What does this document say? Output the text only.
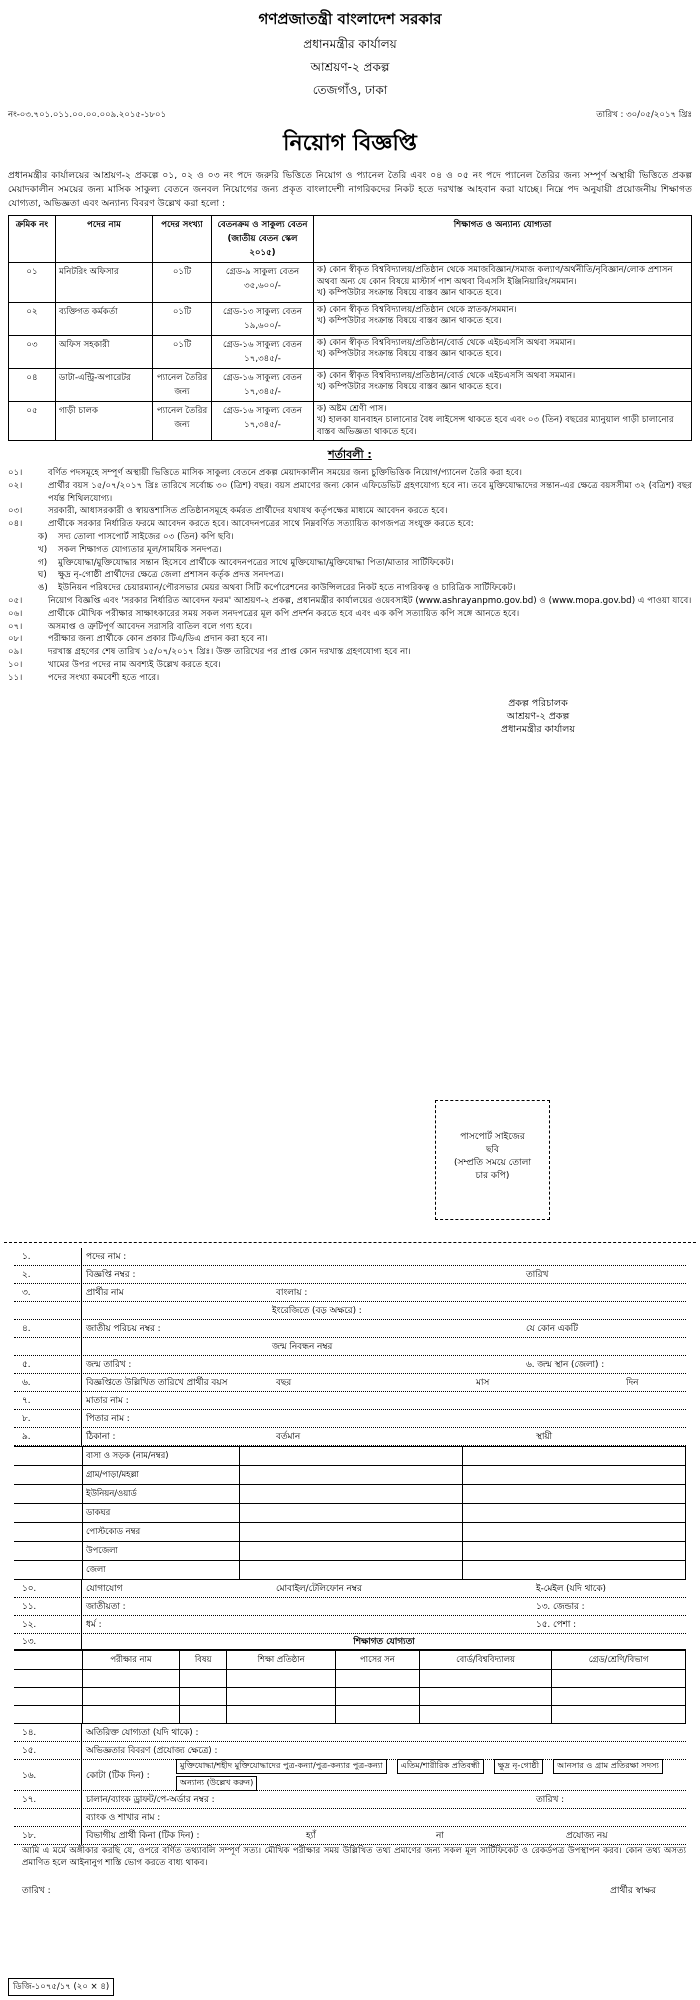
গণপ্রজাতন্ত্রী বাংলাদেশ সরকার
প্রধানমন্ত্রীর কার্যালয়
আশ্রয়ণ-২ প্রকল্প
তেজগাঁও, ঢাকা
নং-০৩.৭০১.০১১.০০.০০.০০৯.২০১৫-১৮০১	তারিখ : ৩০/০৫/২০১৭ খ্রিঃ
নিয়োগ বিজ্ঞপ্তি
প্রধানমন্ত্রীর কার্যালয়ের আশ্রয়ণ-২ প্রকল্পে ০১, ০২ ও ০৩ নং পদে জরুরি ভিত্তিতে নিয়োগ ও প্যানেল তৈরি এবং ০৪ ও ০৫ নং পদে প্যানেল তৈরির জন্য সম্পূর্ণ অস্থায়ী ভিত্তিতে প্রকল্প মেয়াদকালীন সময়ের জন্য মাসিক সাকুল্য বেতনে জনবল নিয়োগের জন্য প্রকৃত বাংলাদেশী নাগরিকদের নিকট হতে দরখাস্ত আহবান করা যাচ্ছে। নিম্নে পদ অনুযায়ী প্রয়োজনীয় শিক্ষাগত যোগ্যতা, অভিজ্ঞতা এবং অন্যান্য বিবরণ উল্লেখ করা হলো :
ক্রমিক নং	পদের নাম	পদের সংখ্যা	বেতনক্রম ও সাকুল্য বেতন (জাতীয় বেতন স্কেল ২০১৫)	শিক্ষাগত ও অন্যান্য যোগ্যতা
০১	মনিটরিং অফিসার	০১টি	গ্রেড-৯ সাকুল্য বেতন ৩৫,৬০০/-	ক) কোন স্বীকৃত বিশ্ববিদ্যালয়/প্রতিষ্ঠান থেকে সমাজবিজ্ঞান/সমাজ কল্যাণ/অর্থনীতি/নৃবিজ্ঞান/লোক প্রশাসন অথবা অন্য যে কোন বিষয়ে মাস্টার্স পাশ অথবা বিএসসি ইঞ্জিনিয়ারিং/সমমান।
খ) কম্পিউটার সংক্রান্ত বিষয়ে বাস্তব জ্ঞান থাকতে হবে।

০২	ব্যক্তিগত কর্মকর্তা	০১টি	গ্রেড-১৩ সাকুল্য বেতন ১৯,৬০০/-	ক) কোন স্বীকৃত বিশ্ববিদ্যালয়/প্রতিষ্ঠান থেকে স্নাতক/সমমান।
খ) কম্পিউটার সংক্রান্ত বিষয়ে বাস্তব জ্ঞান থাকতে হবে।

০৩	অফিস সহকারী	০১টি	গ্রেড-১৬ সাকুল্য বেতন ১৭,৩৪৫/-	ক) কোন স্বীকৃত বিশ্ববিদ্যালয়/প্রতিষ্ঠান/বোর্ড থেকে এইচএসসি অথবা সমমান।
খ) কম্পিউটার সংক্রান্ত বিষয়ে বাস্তব জ্ঞান থাকতে হবে।

০৪	ডাটা-এন্ট্রি-অপারেটর	প্যানেল তৈরির জন্য	গ্রেড-১৬ সাকুল্য বেতন ১৭,৩৪৫/-	ক) কোন স্বীকৃত বিশ্ববিদ্যালয়/প্রতিষ্ঠান/বোর্ড থেকে এইচএসসি অথবা সমমান।
খ) কম্পিউটার সংক্রান্ত বিষয়ে বাস্তব জ্ঞান থাকতে হবে।

০৫	গাড়ী চালক	প্যানেল তৈরির জন্য	গ্রেড-১৬ সাকুল্য বেতন ১৭,৩৪৫/-	ক) অষ্টম শ্রেণী পাস।
খ) হালকা যানবাহন চালানোর বৈধ লাইসেন্স থাকতে হবে এবং ০৩ (তিন) বছরের ম্যানুয়াল গাড়ী চালানোর বাস্তব অভিজ্ঞতা থাকতে হবে।
শর্তাবলী :
০১।	বর্ণিত পদসমূহে সম্পূর্ণ অস্থায়ী ভিত্তিতে মাসিক সাকুল্য বেতনে প্রকল্প মেয়াদকালীন সময়ের জন্য চুক্তিভিত্তিক নিয়োগ/প্যানেল তৈরি করা হবে।
০২।	প্রার্থীর বয়স ১৫/০৭/২০১৭ খ্রিঃ তারিখে সর্বোচ্চ ৩০ (ত্রিশ) বছর। বয়স প্রমাণের জন্য কোন এফিডেভিট গ্রহণযোগ্য হবে না। তবে মুক্তিযোদ্ধাদের সন্তান-এর ক্ষেত্রে বয়সসীমা ৩২ (বত্রিশ) বছর পর্যন্ত শিথিলযোগ্য।
০৩।	সরকারী, আধাসরকারী ও স্বায়ত্তশাসিত প্রতিষ্ঠানসমূহে কর্মরত প্রার্থীদের যথাযথ কর্তৃপক্ষের মাধ্যমে আবেদন করতে হবে।
০৪।	প্রার্থীকে সরকার নির্ধারিত ফরমে আবেদন করতে হবে। আবেদনপত্রের সাথে নিম্নবর্ণিত সত্যায়িত কাগজপত্র সংযুক্ত করতে হবে:
ক)	সদ্য তোলা পাসপোর্ট সাইজের ০৩ (তিন) কপি ছবি।
খ)	সকল শিক্ষাগত যোগ্যতার মূল/সাময়িক সনদপত্র।
গ)	মুক্তিযোদ্ধা/মুক্তিযোদ্ধার সন্তান হিসেবে প্রার্থীকে আবেদনপত্রের সাথে মুক্তিযোদ্ধা/মুক্তিযোদ্ধা পিতা/মাতার সার্টিফিকেট।
ঘ)	ক্ষুদ্র নৃ-গোষ্ঠী প্রার্থীদের ক্ষেত্রে জেলা প্রশাসন কর্তৃক প্রদত্ত সনদপত্র।
ঙ)	ইউনিয়ন পরিষদের চেয়ারম্যান/পৌরসভার মেয়র অথবা সিটি কর্পোরেশনের কাউন্সিলরের নিকট হতে নাগরিকত্ব ও চারিত্রিক সার্টিফিকেট।
০৫।	নিয়োগ বিজ্ঞপ্তি এবং 'সরকার নির্ধারিত আবেদন ফরম' আশ্রয়ণ-২ প্রকল্প, প্রধানমন্ত্রীর কার্যালয়ের ওয়েবসাইট (www.ashrayanpmo.gov.bd) ও (www.mopa.gov.bd) এ পাওয়া যাবে।
০৬।	প্রার্থীকে মৌখিক পরীক্ষার সাক্ষাৎকারের সময় সকল সনদপত্রের মূল কপি প্রদর্শন করতে হবে এবং এক কপি সত্যায়িত কপি সঙ্গে আনতে হবে।
০৭।	অসমাপ্ত ও ত্রুটিপূর্ণ আবেদন সরাসরি বাতিল বলে গণ্য হবে।
০৮।	পরীক্ষার জন্য প্রার্থীকে কোন প্রকার টিএ/ডিএ প্রদান করা হবে না।
০৯।	দরখাস্ত গ্রহণের শেষ তারিখ ১৫/০৭/২০১৭ খ্রিঃ। উক্ত তারিখের পর প্রাপ্ত কোন দরখাস্ত গ্রহণযোগ্য হবে না।
১০।	খামের উপর পদের নাম অবশ্যই উল্লেখ করতে হবে।
১১।	পদের সংখ্যা কমবেশী হতে পারে।
প্রকল্প পরিচালক
আশ্রয়ণ-২ প্রকল্প
প্রধানমন্ত্রীর কার্যালয়
পাসপোর্ট সাইজের
ছবি
(সম্প্রতি সময়ে তোলা
চার কপি)
১.	পদের নাম :
২.	বিজ্ঞপ্তি নম্বর :	তারিখ
৩.	প্রার্থীর নাম	বাংলায় :
ইংরেজিতে (বড় অক্ষরে) :
৪.	জাতীয় পরিচয় নম্বর :	যে কোন একটি
জন্ম নিবন্ধন নম্বর
৫.	জন্ম তারিখ :	৬. জন্ম স্থান (জেলা) :
৬.	বিজ্ঞপ্তিতে উল্লিখিত তারিখে প্রার্থীর বয়স	বছর	মাস	দিন
৭.	মাতার নাম :
৮.	পিতার নাম :
৯.	ঠিকানা :	বর্তমান	স্থায়ী
	বাসা ও সড়ক (নাম/নম্বর)		
	গ্রাম/পাড়া/মহল্লা		
	ইউনিয়ন/ওয়ার্ড		
	ডাকঘর		
	পোস্টকোড নম্বর		
	উপজেলা		
	জেলা		
১০.	যোগাযোগ	মোবাইল/টেলিফোন নম্বর	ই-মেইল (যদি থাকে)
১১.	জাতীয়তা :	১৩. জেন্ডার :
১২.	ধর্ম :	১৫. পেশা :
১৩.	শিক্ষাগত যোগ্যতা
	পরীক্ষার নাম	বিষয়	শিক্ষা প্রতিষ্ঠান	পাসের সন	বোর্ড/বিশ্ববিদ্যালয়	গ্রেড/শ্রেণি/বিভাগ

১৪.	অতিরিক্ত যোগ্যতা (যদি থাকে) :
১৫.	অভিজ্ঞতার বিবরণ (প্রযোজ্য ক্ষেত্রে) :
১৬.	কোটা (টিক দিন) :
মুক্তিযোদ্ধা/শহীদ মুক্তিযোদ্ধাদের পুত্র-কন্যা/পুত্র-কন্যার পুত্র-কন্যা	এতিম/শারীরিক প্রতিবন্ধী	ক্ষুদ্র নৃ-গোষ্ঠী	আনসার ও গ্রাম প্রতিরক্ষা সদস্য
অন্যান্য (উল্লেখ করুন)
১৭.	চালান/ব্যাংক ড্রাফট/পে-অর্ডার নম্বর :	তারিখ :
ব্যাংক ও শাখার নাম :
১৮.	বিভাগীয় প্রার্থী কিনা (টিক দিন) :	হ্যাঁ	না	প্রযোজ্য নয়
আমি এ মর্মে অঙ্গীকার করছি যে, ওপরে বর্ণিত তথ্যাবলি সম্পূর্ণ সত্য। মৌখিক পরীক্ষার সময় উল্লিখিত তথ্য প্রমাণের জন্য সকল মূল সার্টিফিকেট ও রেকর্ডপত্র উপস্থাপন করব। কোন তথ্য অসত্য প্রমাণিত হলে আইনানুগ শাস্তি ভোগ করতে বাধ্য থাকব।
তারিখ :	প্রার্থীর স্বাক্ষর
ডিজি-১০৭৫/১৭ (২০ × ৪)
